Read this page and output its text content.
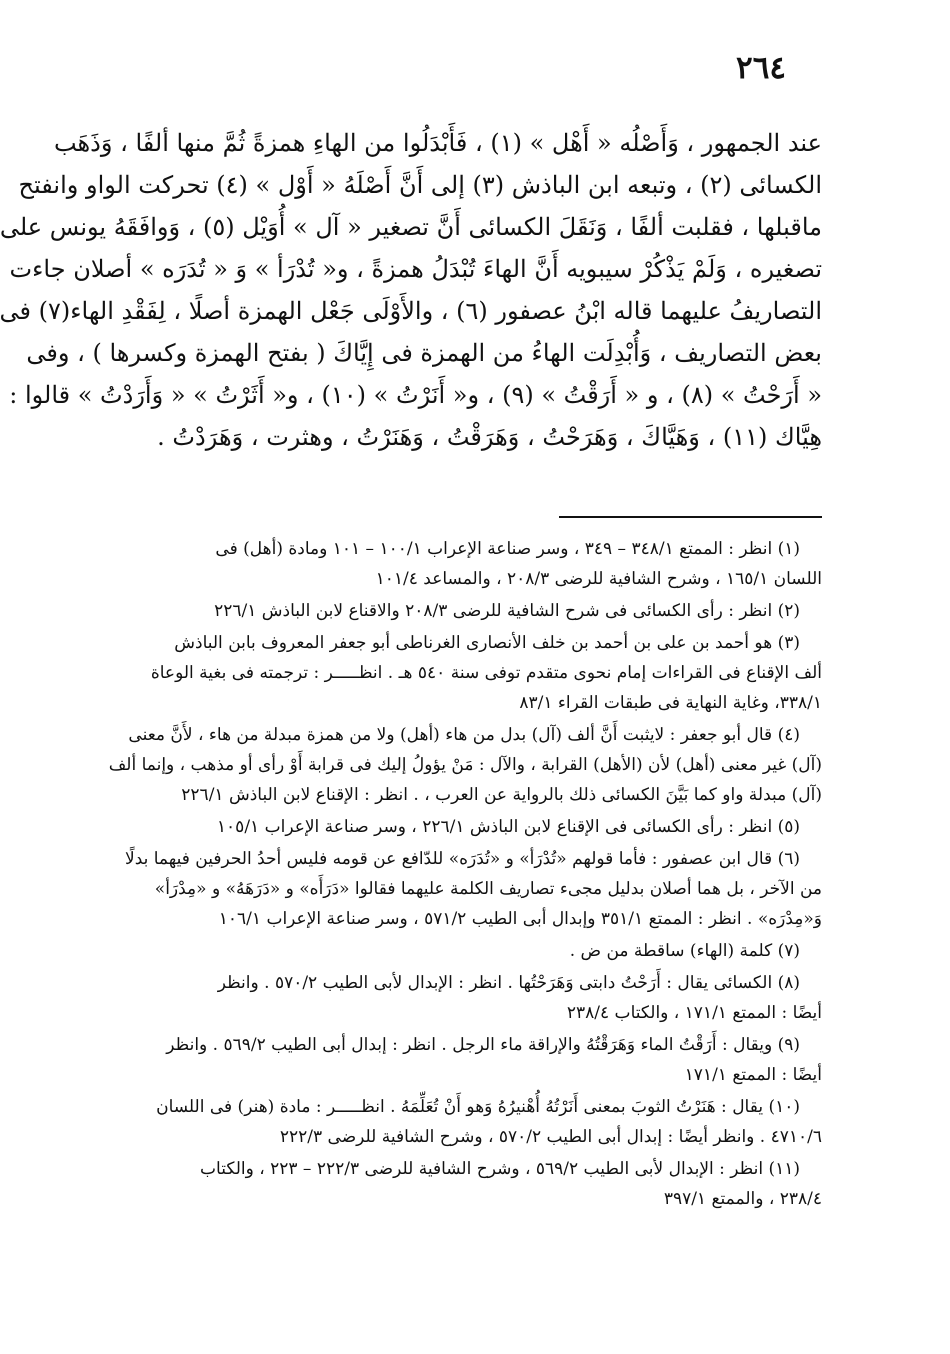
٢٦٤
عند الجمهور ، وَأَصْلُه « أَهْل » (١) ، فَأَبْدَلُوا من الهاءِ همزةً ثُمَّ منها ألفًا ، وَذَهَب
الكسائى (٢) ، وتبعه ابن الباذش (٣) إلى أَنَّ أَصْلَهُ « أَوْل » (٤) تحركت الواو وانفتح
ماقبلها ، فقلبت ألفًا ، وَنَقَلَ الكسائى أَنَّ تصغير « آل » أُوَيْل (٥) ، وَوافَقَهُ يونس على
تصغيره ، وَلَمْ يَذْكُرْ سيبويه أَنَّ الهاءَ تُبْدَلُ همزةً ، و« تُدْرَأ » وَ « تُدَرَه » أصلان جاءت
التصاريفُ عليهما قاله ابْنُ عصفور (٦) ، والأَوْلَى جَعْل الهمزة أصلًا ، لِفَقْدِ الهاء(٧) فى
بعض التصاريف ، وَأُبْدِلَت الهاءُ من الهمزة فى إِيَّاكَ ( بفتح الهمزة وكسرها ) ، وفى
« أَرَحْتُ » (٨) ، و « أَرَقْتُ » (٩) ، و« أَنَرْتُ » (١٠) ، و« أَثَرْتُ » « وَأَرَدْتُ » قالوا :
هِيَّاك (١١) ، وَهَيَّاكَ ، وَهَرَحْتُ ، وَهَرَقْتُ ، وَهَنَرْتُ ، وهثرت ، وَهَرَدْتُ .
(١) انظر : الممتع ٣٤٨/١ – ٣٤٩ ، وسر صناعة الإعراب ١٠٠/١ – ١٠١ ومادة (أهل) فى
اللسان ١٦٥/١ ، وشرح الشافية للرضى ٢٠٨/٣ ، والمساعد ١٠١/٤
(٢) انظر : رأى الكسائى فى شرح الشافية للرضى ٢٠٨/٣ والاقناع لابن الباذش ٢٢٦/١
(٣) هو أحمد بن على بن أحمد بن خلف الأنصارى الغرناطى أبو جعفر المعروف بابن الباذش
ألف الإقناع فى القراءات إمام نحوى متقدم توفى سنة ٥٤٠ هـ . انظـــــر : ترجمته فى بغية الوعاة
٣٣٨/١، وغاية النهاية فى طبقات القراء ٨٣/١
(٤) قال أبو جعفر : لايثبت أَنَّ ألف (آل) بدل من هاء (أهل) ولا من همزة مبدلة من هاء ، لأَنَّ معنى
(آل) غير معنى (أهل) لأن (الأهل) القرابة ، والآل : مَنْ يؤولُ إليك فى قرابة أَوْ رأى أو مذهب ، وإنما ألف
(آل) مبدلة واو كما بَيَّنَ الكسائى ذلك بالرواية عن العرب ، . انظر : الإقناع لابن الباذش ٢٢٦/١
(٥) انظر : رأى الكسائى فى الإقناع لابن الباذش ٢٢٦/١ ، وسر صناعة الإعراب ١٠٥/١
(٦) قال ابن عصفور : فأما قولهم «تُدْرَأ» و «تُدَرَه» للدّافع عن قومه فليس أحدُ الحرفين فيهما بدلًا
من الآخر ، بل هما أصلان بدليل مجىء تصاريف الكلمة عليهما فقالوا «دَرَأَه» و «دَرَهَهُ» و «مِدْرَأ»
وَ«مِدْرَه» . انظر : الممتع ٣٥١/١ وإبدال أبى الطيب ٥٧١/٢ ، وسر صناعة الإعراب ١٠٦/١
(٧) كلمة (الهاء) ساقطة من ض .
(٨) الكسائى يقال : أَرَحْتُ دابتى وَهَرَحْتُها . انظر : الإبدال لأبى الطيب ٥٧٠/٢ . وانظر
أيضًا : الممتع ١٧١/١ ، والكتاب ٢٣٨/٤
(٩) ويقال : أَرَقْتُ الماء وَهَرَقْتُهُ والإراقة ماء الرجل . انظر : إبدال أبى الطيب ٥٦٩/٢ . وانظر
أيضًا : الممتع ١٧١/١
(١٠) يقال : هَنَرْتُ الثوبَ بمعنى أَنَرْتُهُ أُهْنيرُهُ وَهو أَنْ تُعَلِّمَهُ . انظـــــر : مادة (هنر) فى اللسان
٤٧١٠/٦ . وانظر أيضًا : إبدال أبى الطيب ٥٧٠/٢ ، وشرح الشافية للرضى ٢٢٢/٣
(١١) انظر : الإبدال لأبى الطيب ٥٦٩/٢ ، وشرح الشافية للرضى ٢٢٢/٣ – ٢٢٣ ، والكتاب
٢٣٨/٤ ، والممتع ٣٩٧/١
